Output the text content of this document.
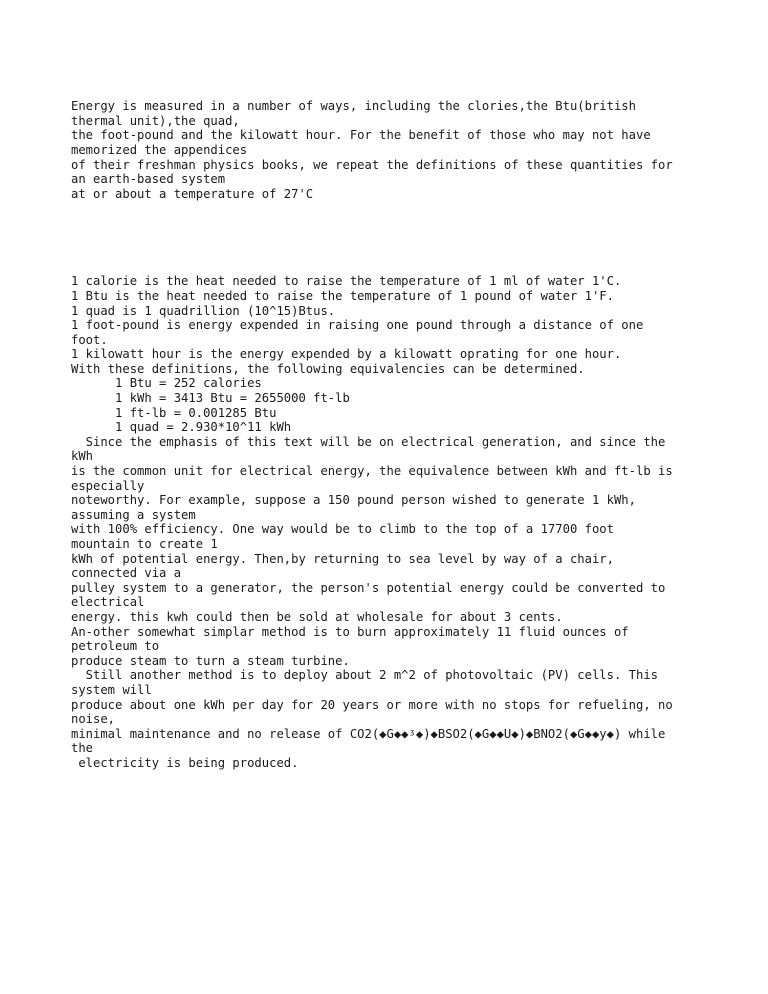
Energy is measured in a number of ways, including the clories,the Btu(british
thermal unit),the quad,
the foot-pound and the kilowatt hour. For the benefit of those who may not have
memorized the appendices
of their freshman physics books, we repeat the definitions of these quantities for
an earth-based system
at or about a temperature of 27'C

1 calorie is the heat needed to raise the temperature of 1 ml of water 1'C.
1 Btu is the heat needed to raise the temperature of 1 pound of water 1'F.
1 quad is 1 quadrillion (10^15)Btus.
1 foot-pound is energy expended in raising one pound through a distance of one
foot.
1 kilowatt hour is the energy expended by a kilowatt oprating for one hour.
With these definitions, the following equivalencies can be determined.
1 Btu = 252 calories
1 kWh = 3413 Btu = 2655000 ft-lb
1 ft-lb = 0.001285 Btu
1 quad = 2.930*10^11 kWh
Since the emphasis of this text will be on electrical generation, and since the
kWh
is the common unit for electrical energy, the equivalence between kWh and ft-lb is
especially
noteworthy. For example, suppose a 150 pound person wished to generate 1 kWh,
assuming a system
with 100% efficiency. One way would be to climb to the top of a 17700 foot
mountain to create 1
kWh of potential energy. Then,by returning to sea level by way of a chair,
connected via a
pulley system to a generator, the person's potential energy could be converted to
electrical
energy. this kwh could then be sold at wholesale for about 3 cents.
An-other somewhat simplar method is to burn approximately 11 fluid ounces of
petroleum to
produce steam to turn a steam turbine.
Still another method is to deploy about 2 m^2 of photovoltaic (PV) cells. This
system will
produce about one kWh per day for 20 years or more with no stops for refueling, no
noise,
minimal maintenance and no release of CO2(◆G◆◆ᶾ◆)◆BSO2(◆G◆◆U◆)◆BNO2(◆G◆◆y◆) while
the
electricity is being produced.
